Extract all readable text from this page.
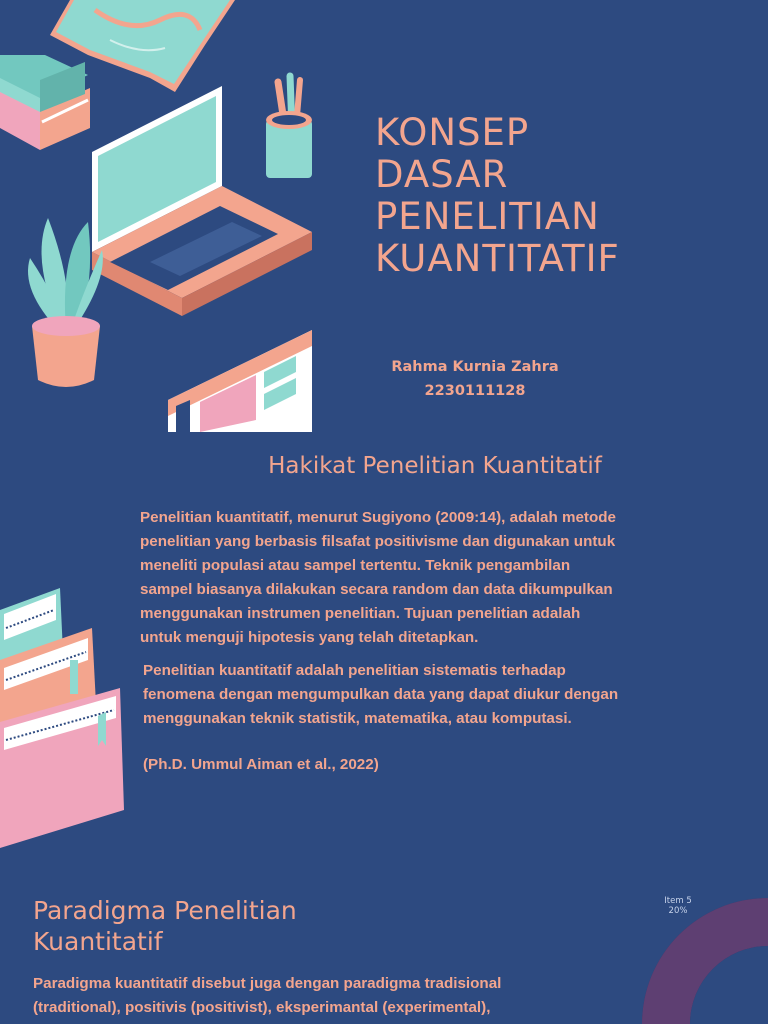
KONSEP
DASAR
PENELITIAN
KUANTITATIF
Rahma Kurnia Zahra
2230111128
Hakikat Penelitian Kuantitatif

Penelitian kuantitatif, menurut Sugiyono (2009:14), adalah metode

penelitian yang berbasis filsafat positivisme dan digunakan untuk

meneliti populasi atau sampel tertentu. Teknik pengambilan

sampel biasanya dilakukan secara random dan data dikumpulkan

menggunakan instrumen penelitian. Tujuan penelitian adalah

untuk menguji hipotesis yang telah ditetapkan.

Penelitian kuantitatif adalah penelitian sistematis terhadap

fenomena dengan mengumpulkan data yang dapat diukur dengan

menggunakan teknik statistik, matematika, atau komputasi.

(Ph.D. Ummul Aiman et al., 2022)

Paradigma Penelitian
Kuantitatif

Paradigma kuantitatif disebut juga dengan paradigma tradisional

(traditional), positivis (positivist), eksperimantal (experimental),

Item 5
20%
